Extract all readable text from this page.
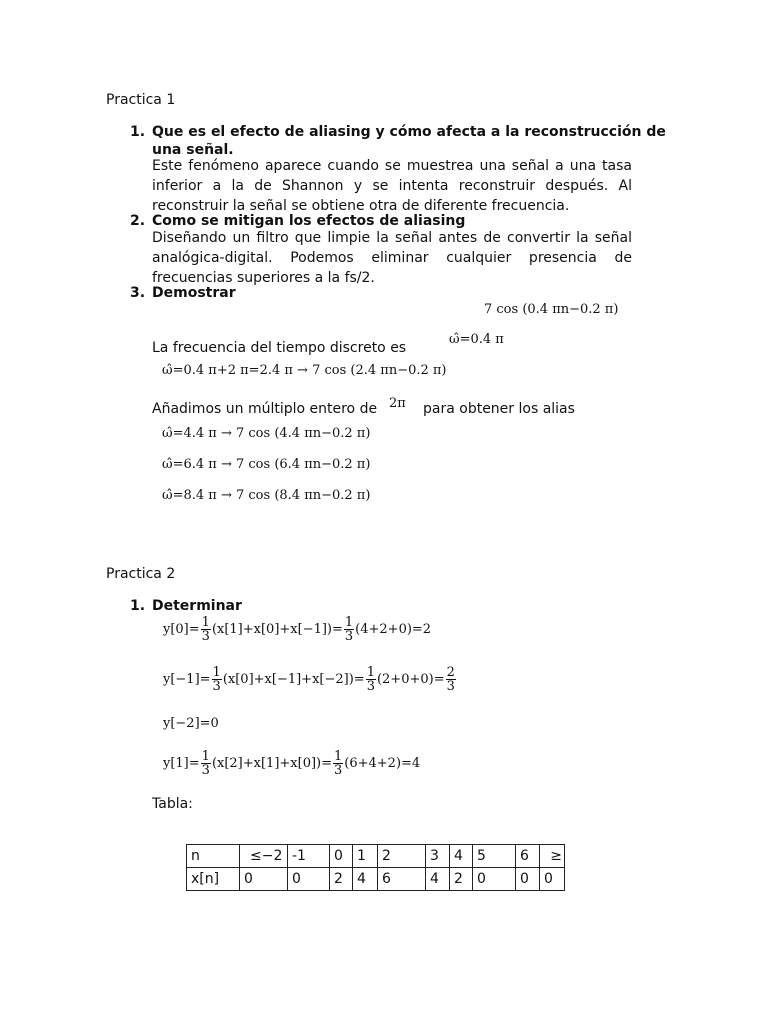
Practica 1
1. Que es el efecto de aliasing y cómo afecta a la reconstrucción de
una señal.
Este fenómeno aparece cuando se muestrea una señal a una tasa inferior a la de Shannon y se intenta reconstruir después. Al reconstruir la señal se obtiene otra de diferente frecuencia.
2. Como se mitigan los efectos de aliasing
Diseñando un filtro que limpie la señal antes de convertir la señal analógica-digital. Podemos eliminar cualquier presencia de frecuencias superiores a la fs/2.
3. Demostrar
7 cos (0.4 πn−0.2 π)
La frecuencia del tiempo discreto es
ω̂=0.4 π
ω̂=0.4 π+2 π=2.4 π → 7 cos (2.4 πn−0.2 π)
Añadimos un múltiplo entero de 2π para obtener los alias
ω̂=4.4 π → 7 cos (4.4 πn−0.2 π)
ω̂=6.4 π → 7 cos (6.4 πn−0.2 π)
ω̂=8.4 π → 7 cos (8.4 πn−0.2 π)
Practica 2
1. Determinar
$y[0]= \frac{1}{3} (x[1]+x[0]+x[-1])= \frac{1}{3} (4+2+0)=2$
$y[-1]= \frac{1}{3} (x[0]+x[-1]+x[-2])= \frac{1}{3} (2+0+0)= \frac{2}{3}$
y[−2]=0
$y[1]= \frac{1}{3} (x[2]+x[1]+x[0])= \frac{1}{3} (6+4+2)=4$
Tabla:
n	≤−2	-1	0	1	2	3	4	5	6	≥
x[n]	0	0	2	4	6	4	2	0	0	0
